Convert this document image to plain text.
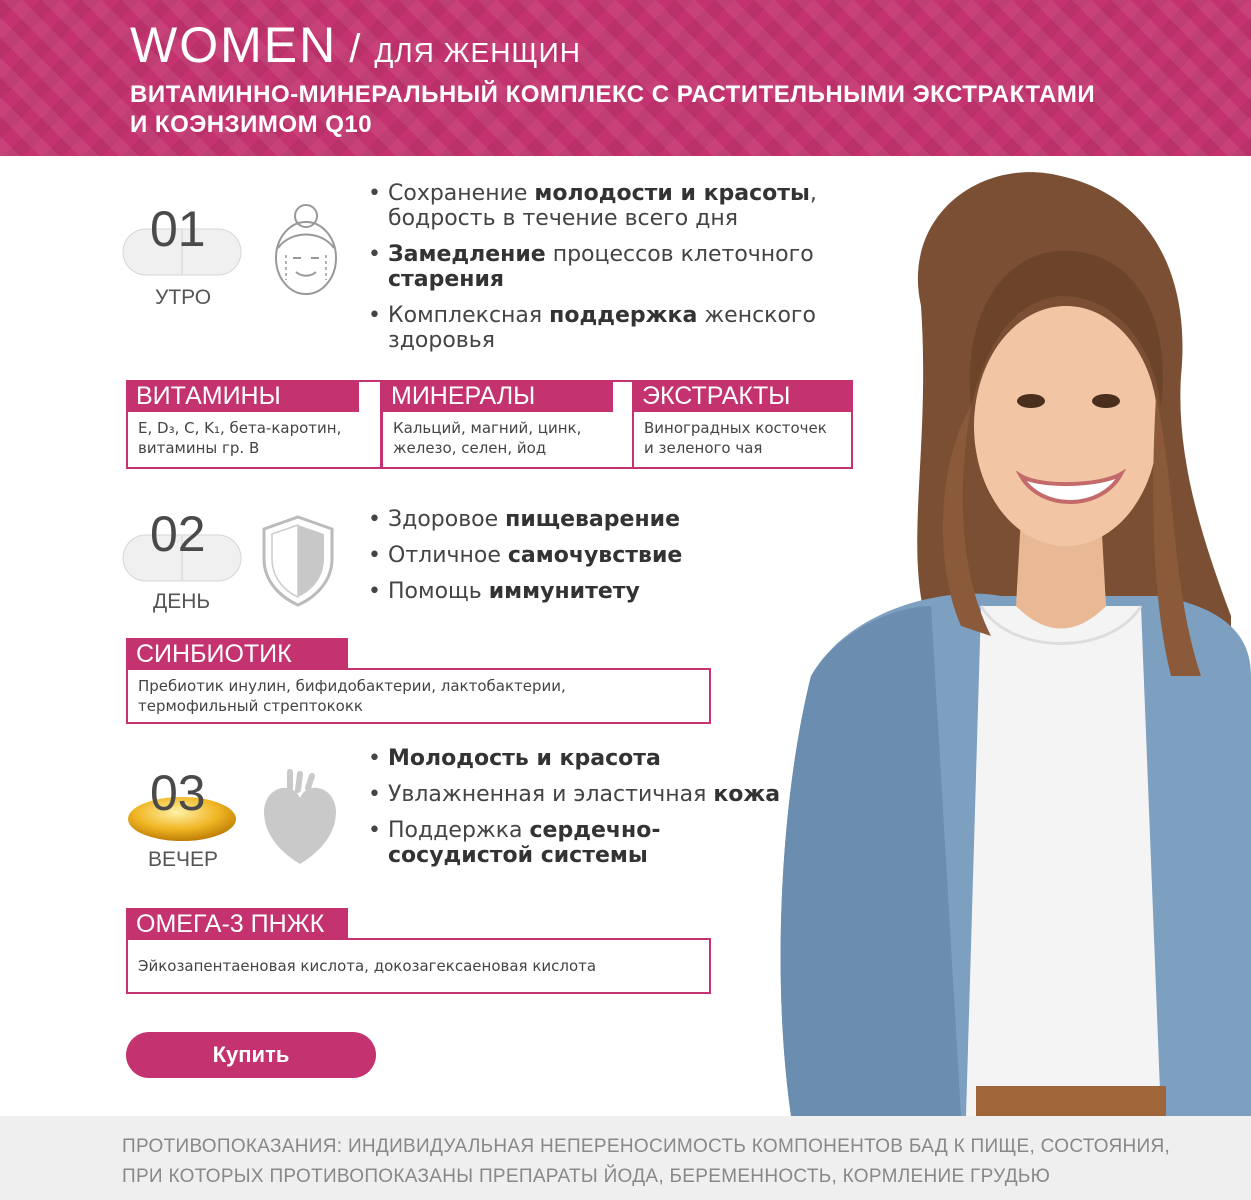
WOMEN / ДЛЯ ЖЕНЩИН
ВИТАМИННО-МИНЕРАЛЬНЫЙ КОМПЛЕКС С РАСТИТЕЛЬНЫМИ ЭКСТРАКТАМИ
И КОЭНЗИМОМ Q10
01
УТРО
• Сохранение молодости и красоты, бодрость в течение всего дня
• Замедление процессов клеточного старения
• Комплексная поддержка женского здоровья
ВИТАМИНЫ
E, D₃, C, K₁, бета-каротин,
витамины гр. B
МИНЕРАЛЫ
Кальций, магний, цинк,
железо, селен, йод
ЭКСТРАКТЫ
Виноградных косточек
и зеленого чая
02
ДЕНЬ
• Здоровое пищеварение
• Отличное самочувствие
• Помощь иммунитету
СИНБИОТИК
Пребиотик инулин, бифидобактерии, лактобактерии,
термофильный стрептококк
03
ВЕЧЕР
• Молодость и красота
• Увлажненная и эластичная кожа
• Поддержка сердечно-сосудистой системы
ОМЕГА-3 ПНЖК
Эйкозапентаеновая кислота, докозагексаеновая кислота
Купить
ПРОТИВОПОКАЗАНИЯ: ИНДИВИДУАЛЬНАЯ НЕПЕРЕНОСИМОСТЬ КОМПОНЕНТОВ БАД К ПИЩЕ, СОСТОЯНИЯ,
ПРИ КОТОРЫХ ПРОТИВОПОКАЗАНЫ ПРЕПАРАТЫ ЙОДА, БЕРЕМЕННОСТЬ, КОРМЛЕНИЕ ГРУДЬЮ
